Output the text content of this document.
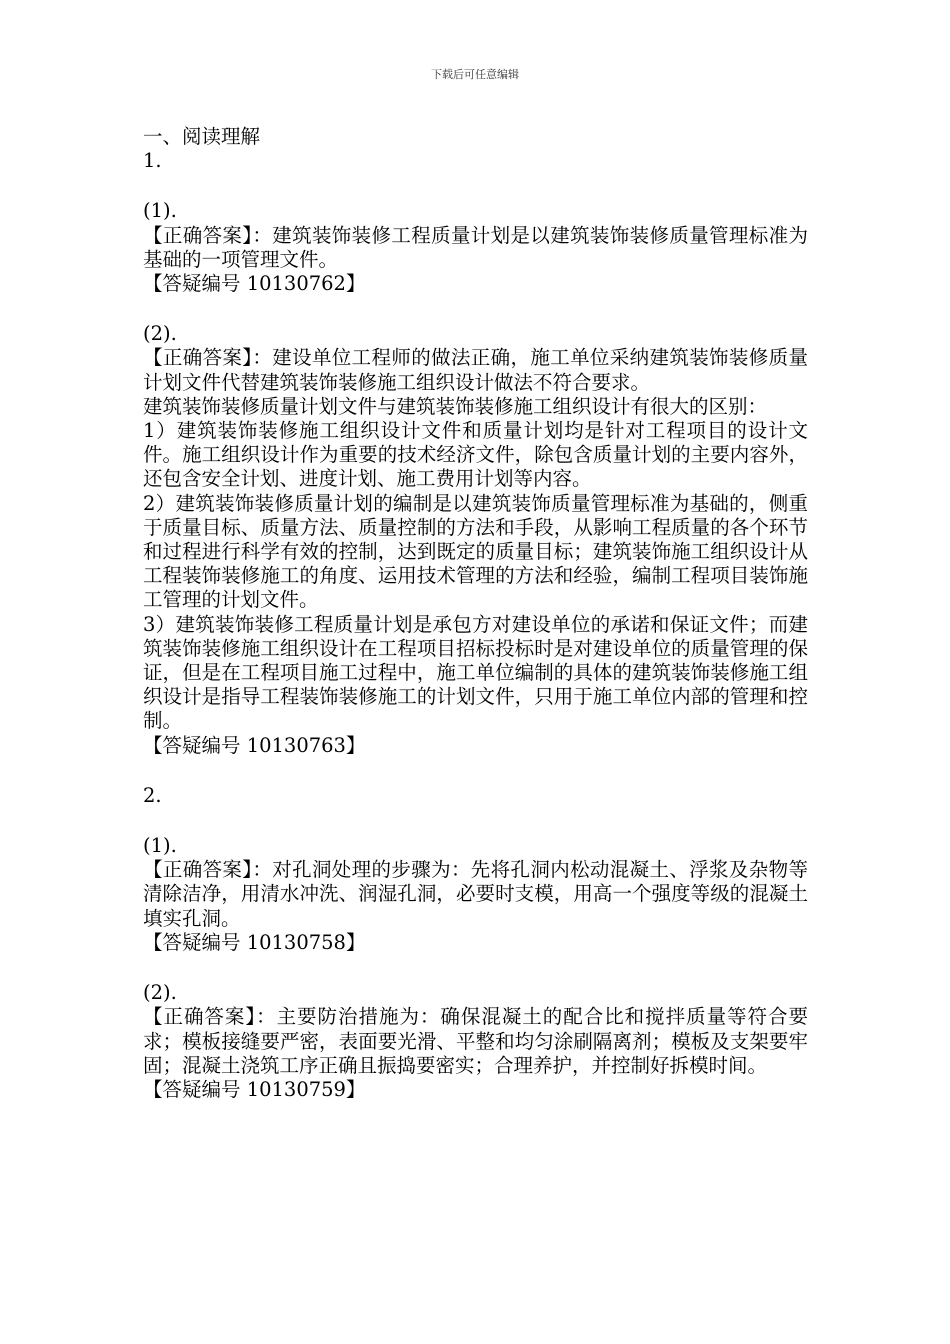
下载后可任意编辑
一、阅读理解
1.
(1).
【正确答案】：建筑装饰装修工程质量计划是以建筑装饰装修质量管理标准为基础的一项管理文件。
【答疑编号 10130762】
(2).
【正确答案】：建设单位工程师的做法正确，施工单位采纳建筑装饰装修质量计划文件代替建筑装饰装修施工组织设计做法不符合要求。
建筑装饰装修质量计划文件与建筑装饰装修施工组织设计有很大的区别：
1）建筑装饰装修施工组织设计文件和质量计划均是针对工程项目的设计文件。施工组织设计作为重要的技术经济文件，除包含质量计划的主要内容外，还包含安全计划、进度计划、施工费用计划等内容。
2）建筑装饰装修质量计划的编制是以建筑装饰质量管理标准为基础的，侧重于质量目标、质量方法、质量控制的方法和手段，从影响工程质量的各个环节和过程进行科学有效的控制，达到既定的质量目标；建筑装饰施工组织设计从工程装饰装修施工的角度、运用技术管理的方法和经验，编制工程项目装饰施工管理的计划文件。
3）建筑装饰装修工程质量计划是承包方对建设单位的承诺和保证文件；而建筑装饰装修施工组织设计在工程项目招标投标时是对建设单位的质量管理的保证，但是在工程项目施工过程中，施工单位编制的具体的建筑装饰装修施工组织设计是指导工程装饰装修施工的计划文件，只用于施工单位内部的管理和控制。
【答疑编号 10130763】
2.
(1).
【正确答案】：对孔洞处理的步骤为：先将孔洞内松动混凝土、浮浆及杂物等清除洁净，用清水冲洗、润湿孔洞，必要时支模，用高一个强度等级的混凝土填实孔洞。
【答疑编号 10130758】
(2).
【正确答案】：主要防治措施为：确保混凝土的配合比和搅拌质量等符合要求；模板接缝要严密，表面要光滑、平整和均匀涂刷隔离剂；模板及支架要牢固；混凝土浇筑工序正确且振捣要密实；合理养护，并控制好拆模时间。
【答疑编号 10130759】
